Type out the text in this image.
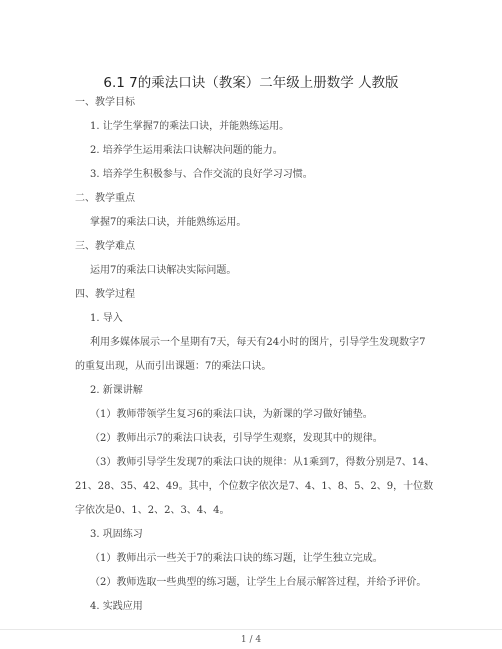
6.1 7的乘法口诀（教案）二年级上册数学 人教版
一、教学目标
1. 让学生掌握7的乘法口诀，并能熟练运用。
2. 培养学生运用乘法口诀解决问题的能力。
3. 培养学生积极参与、合作交流的良好学习习惯。
二、教学重点
掌握7的乘法口诀，并能熟练运用。
三、教学难点
运用7的乘法口诀解决实际问题。
四、教学过程
1. 导入
利用多媒体展示一个星期有7天，每天有24小时的图片，引导学生发现数字7的重复出现，从而引出课题：7的乘法口诀。
2. 新课讲解
（1）教师带领学生复习6的乘法口诀，为新课的学习做好铺垫。
（2）教师出示7的乘法口诀表，引导学生观察，发现其中的规律。
（3）教师引导学生发现7的乘法口诀的规律：从1乘到7，得数分别是7、14、21、28、35、42、49。其中，个位数字依次是7、4、1、8、5、2、9，十位数字依次是0、1、2、2、3、4、4。
3. 巩固练习
（1）教师出示一些关于7的乘法口诀的练习题，让学生独立完成。
（2）教师选取一些典型的练习题，让学生上台展示解答过程，并给予评价。
4. 实践应用
1 / 4
